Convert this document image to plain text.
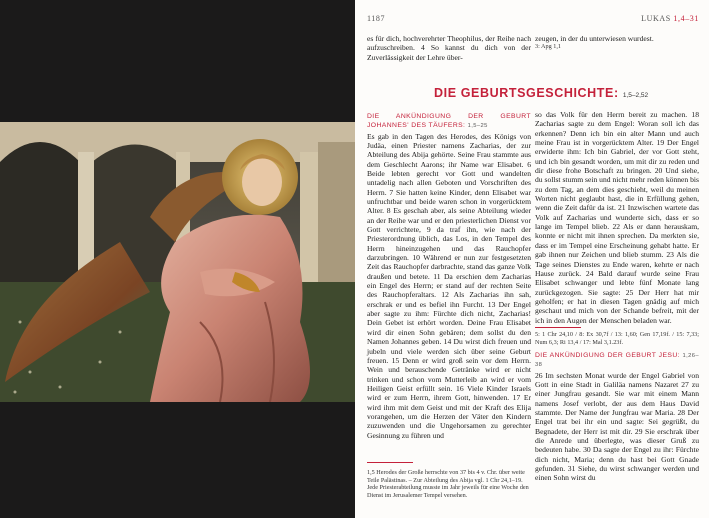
1187	LUKAS 1,4–31

es für dich, hochverehrter Theophilus, der Reihe nach aufzuschreiben. 4 So kannst du dich von der Zuverlässigkeit der Lehre über-

zeugen, in der du unterwiesen wurdest.

3: Apg 1,1

DIE GEBURTSGESCHICHTE: 1,5–2,52
DIE ANKÜNDIGUNG DER GEBURT JOHANNES' DES TÄUFERS: 1,5–25

Es gab in den Tagen des Herodes, des Königs von Judäa, einen Priester namens Zacharias, der zur Abteilung des Abija gehörte. Seine Frau stammte aus dem Geschlecht Aarons; ihr Name war Elisabet. 6 Beide lebten gerecht vor Gott und wandelten untadelig nach allen Geboten und Vorschriften des Herrn. 7 Sie hatten keine Kinder, denn Elisabet war unfruchtbar und beide waren schon in vorgerücktem Alter. 8 Es geschah aber, als seine Abteilung wieder an der Reihe war und er den priesterlichen Dienst vor Gott verrichtete, 9 da traf ihn, wie nach der Priesterordnung üblich, das Los, in den Tempel des Herrn hineinzugehen und das Rauchopfer darzubringen. 10 Während er nun zur festgesetzten Zeit das Rauchopfer darbrachte, stand das ganze Volk draußen und betete. 11 Da erschien dem Zacharias ein Engel des Herrn; er stand auf der rechten Seite des Rauchopferaltars. 12 Als Zacharias ihn sah, erschrak er und es befiel ihn Furcht. 13 Der Engel aber sagte zu ihm: Fürchte dich nicht, Zacharias! Dein Gebet ist erhört worden. Deine Frau Elisabet wird dir einen Sohn gebären; dem sollst du den Namen Johannes geben. 14 Du wirst dich freuen und jubeln und viele werden sich über seine Geburt freuen. 15 Denn er wird groß sein vor dem Herrn. Wein und berauschende Getränke wird er nicht trinken und schon vom Mutterleib an wird er vom Heiligen Geist erfüllt sein. 16 Viele Kinder Israels wird er zum Herrn, ihrem Gott, hinwenden. 17 Er wird ihm mit dem Geist und mit der Kraft des Elija vorangehen, um die Herzen der Väter den Kindern zuzuwenden und die Ungehorsamen zu gerechter Gesinnung zu führen und

so das Volk für den Herrn bereit zu machen. 18 Zacharias sagte zu dem Engel: Woran soll ich das erkennen? Denn ich bin ein alter Mann und auch meine Frau ist in vorgerücktem Alter. 19 Der Engel erwiderte ihm: Ich bin Gabriel, der vor Gott steht, und ich bin gesandt worden, um mit dir zu reden und dir diese frohe Botschaft zu bringen. 20 Und siehe, du sollst stumm sein und nicht mehr reden können bis zu dem Tag, an dem dies geschieht, weil du meinen Worten nicht geglaubt hast, die in Erfüllung gehen, wenn die Zeit dafür da ist. 21 Inzwischen wartete das Volk auf Zacharias und wunderte sich, dass er so lange im Tempel blieb. 22 Als er dann herauskam, konnte er nicht mit ihnen sprechen. Da merkten sie, dass er im Tempel eine Erscheinung gehabt hatte. Er gab ihnen nur Zeichen und blieb stumm. 23 Als die Tage seines Dienstes zu Ende waren, kehrte er nach Hause zurück. 24 Bald darauf wurde seine Frau Elisabet schwanger und lebte fünf Monate lang zurückgezogen. Sie sagte: 25 Der Herr hat mir geholfen; er hat in diesen Tagen gnädig auf mich geschaut und mich von der Schande befreit, mit der ich in den Augen der Menschen beladen war.

5: 1 Chr 24,10 / 8: Ex 30,7f / 13: 1,60; Gen 17,19f. / 15: 7,33; Num 6,3; Ri 13,4 / 17: Mal 3,1.23f.

DIE ANKÜNDIGUNG DER GEBURT JESU: 1,26–38

26 Im sechsten Monat wurde der Engel Gabriel von Gott in eine Stadt in Galiläa namens Nazaret 27 zu einer Jungfrau gesandt. Sie war mit einem Mann namens Josef verlobt, der aus dem Haus David stammte. Der Name der Jungfrau war Maria. 28 Der Engel trat bei ihr ein und sagte: Sei gegrüßt, du Begnadete, der Herr ist mit dir. 29 Sie erschrak über die Anrede und überlegte, was dieser Gruß zu bedeuten habe. 30 Da sagte der Engel zu ihr: Fürchte dich nicht, Maria; denn du hast bei Gott Gnade gefunden. 31 Siehe, du wirst schwanger werden und einen Sohn wirst du

1,5 Herodes der Große herrschte von 37 bis 4 v. Chr. über weite Teile Palästinas. – Zur Abteilung des Abija vgl. 1 Chr 24,1–19. Jede Priesterabteilung musste im Jahr jeweils für eine Woche den Dienst im Jerusalemer Tempel versehen.
